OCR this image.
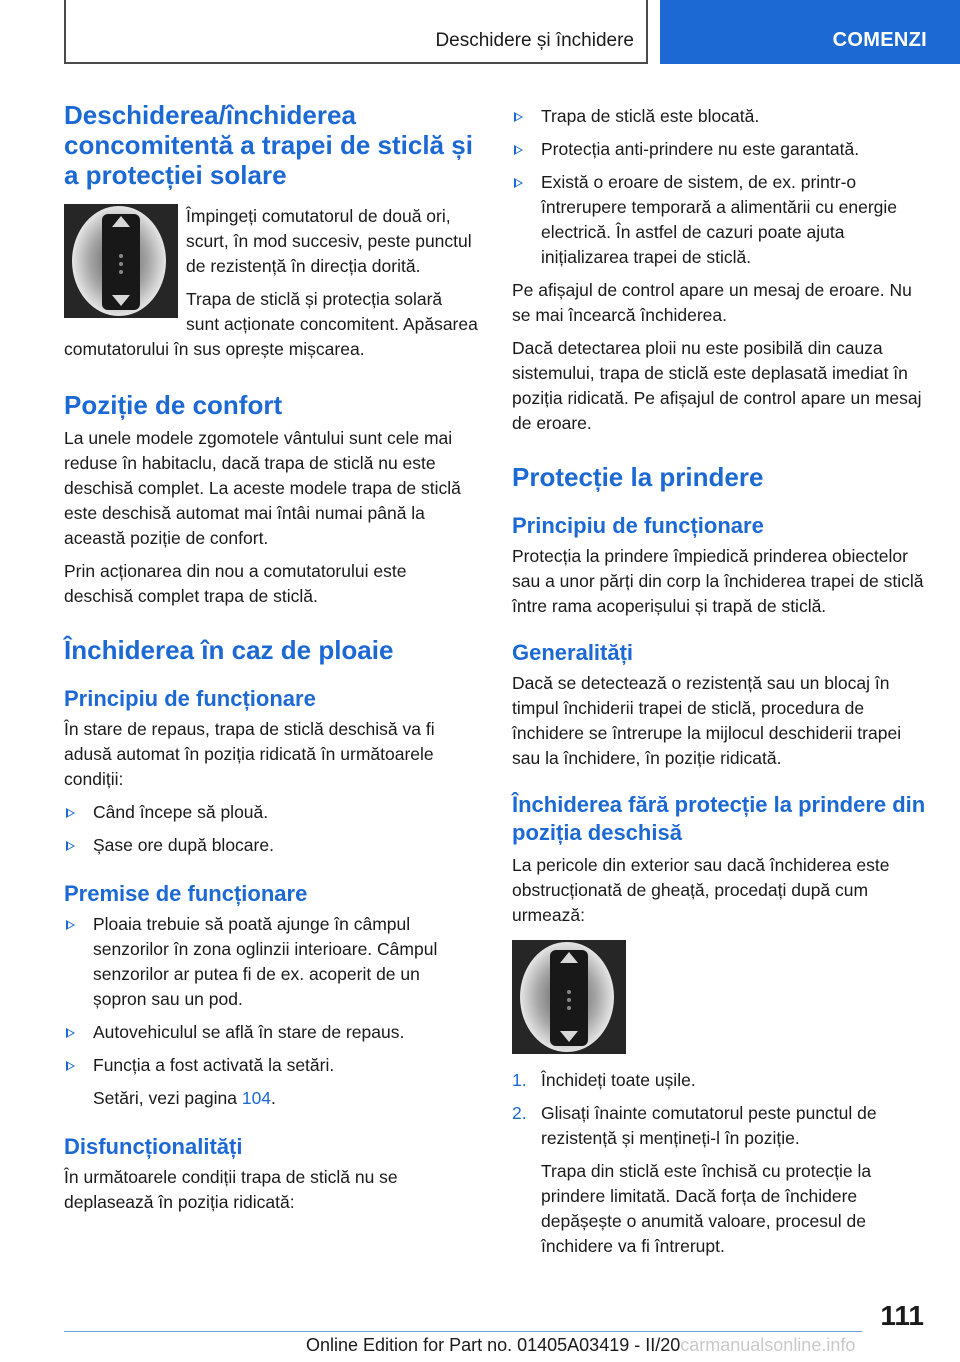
Deschidere și închidere	COMENZI
Deschiderea/închiderea concomitentă a trapei de sticlă și a protecției solare

Împingeți comutatorul de două ori, scurt, în mod succesiv, peste punctul de rezistență în direcția dorită.

Trapa de sticlă și protecția solară sunt acționate concomitent. Apăsarea comutatorului în sus oprește mișcarea.

Poziție de confort

La unele modele zgomotele vântului sunt cele mai reduse în habitaclu, dacă trapa de sticlă nu este deschisă complet. La aceste modele trapa de sticlă este deschisă automat mai întâi numai până la această poziție de confort.

Prin acționarea din nou a comutatorului este deschisă complet trapa de sticlă.

Închiderea în caz de ploaie
Principiu de funcționare

În stare de repaus, trapa de sticlă deschisă va fi adusă automat în poziția ridicată în următoarele condiții:

Când începe să plouă.
Șase ore după blocare.
Premise de funcționare
Ploaia trebuie să poată ajunge în câmpul senzorilor în zona oglinzii interioare. Câmpul senzorilor ar putea fi de ex. acoperit de un șopron sau un pod.
Autovehiculul se află în stare de repaus.
Funcția a fost activată la setări.
Setări, vezi pagina 104.
Disfuncționalități

În următoarele condiții trapa de sticlă nu se deplasează în poziția ridicată:

Trapa de sticlă este blocată.
Protecția anti-prindere nu este garantată.
Există o eroare de sistem, de ex. printr-o întrerupere temporară a alimentării cu energie electrică. În astfel de cazuri poate ajuta inițializarea trapei de sticlă.

Pe afișajul de control apare un mesaj de eroare. Nu se mai încearcă închiderea.

Dacă detectarea ploii nu este posibilă din cauza sistemului, trapa de sticlă este deplasată imediat în poziția ridicată. Pe afișajul de control apare un mesaj de eroare.

Protecție la prindere
Principiu de funcționare

Protecția la prindere împiedică prinderea obiectelor sau a unor părți din corp la închiderea trapei de sticlă între rama acoperișului și trapă de sticlă.

Generalități

Dacă se detectează o rezistență sau un blocaj în timpul închiderii trapei de sticlă, procedura de închidere se întrerupe la mijlocul deschiderii trapei sau la închidere, în poziție ridicată.

Închiderea fără protecție la prindere din poziția deschisă

La pericole din exterior sau dacă închiderea este obstrucționată de gheață, procedați după cum urmează:

1. Închideți toate ușile.
2. Glisați înainte comutatorul peste punctul de rezistență și mențineți-l în poziție.
Trapa din sticlă este închisă cu protecție la prindere limitată. Dacă forța de închidere depășește o anumită valoare, procesul de închidere va fi întrerupt.
111
Online Edition for Part no. 01405A03419 - II/20carmanualsonline.info
